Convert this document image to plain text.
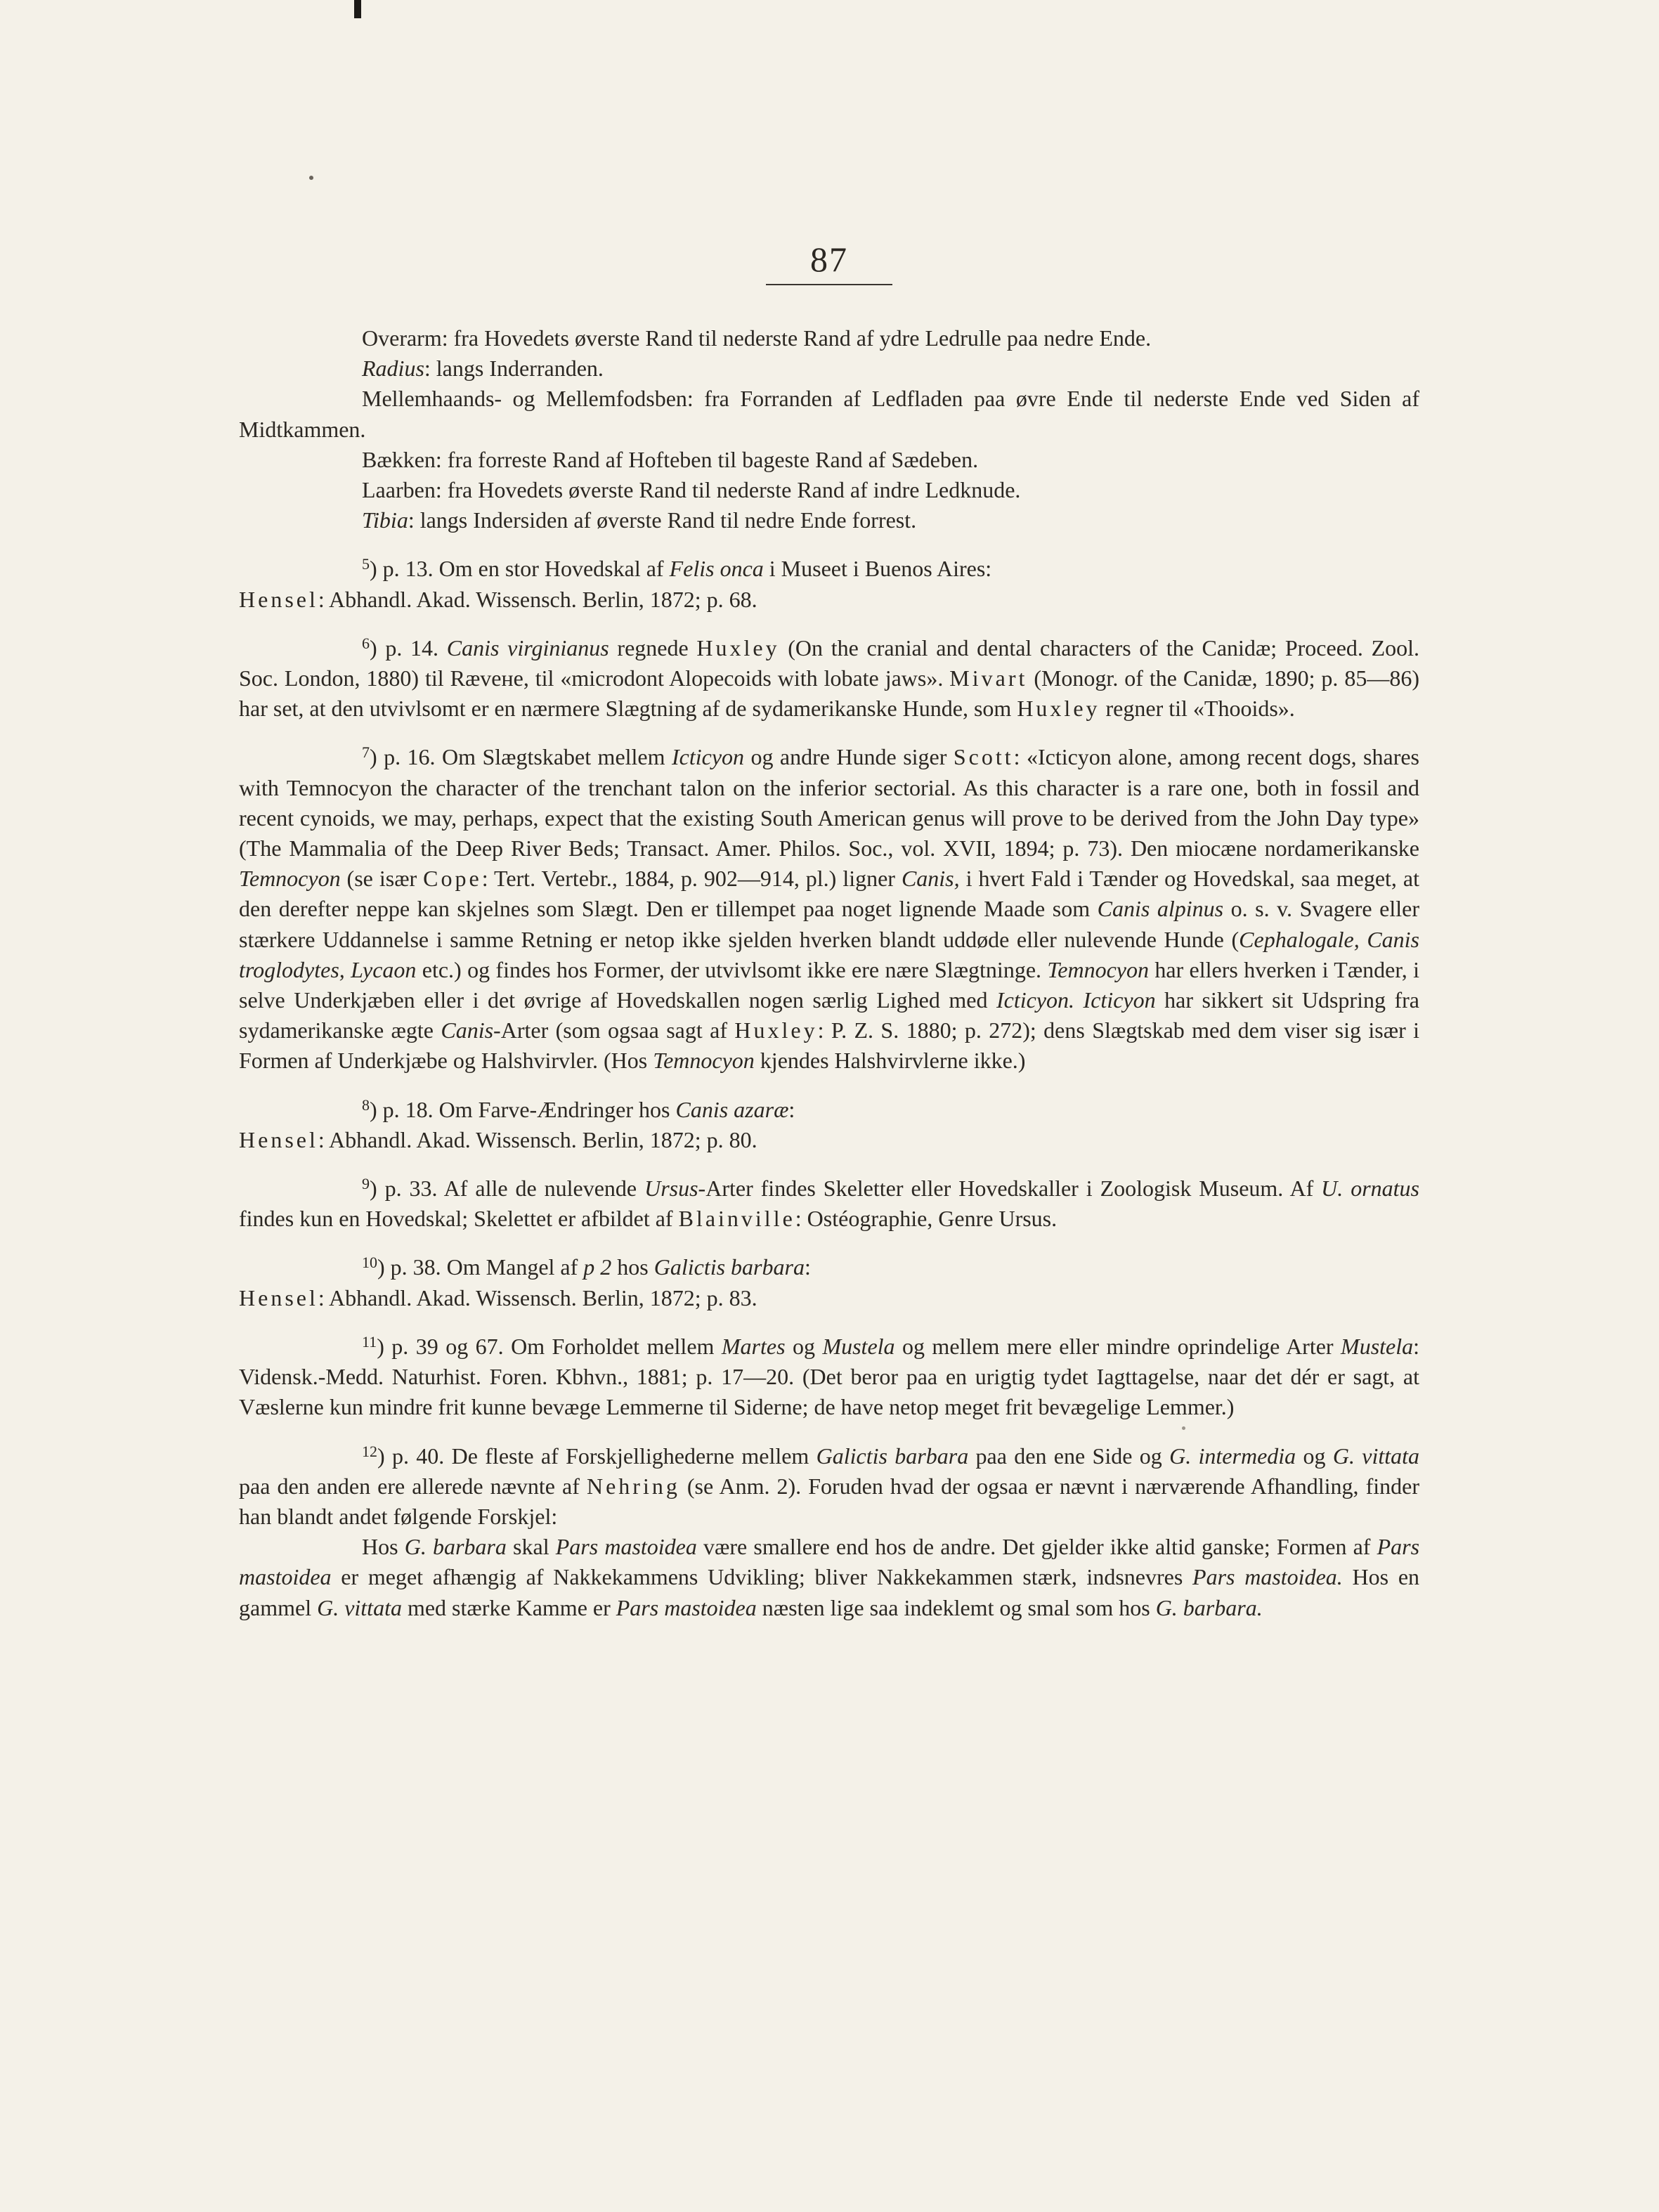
87

Overarm: fra Hovedets øverste Rand til nederste Rand af ydre Ledrulle paa nedre Ende.

Radius: langs Inderranden.

Mellemhaands- og Mellemfodsben: fra Forranden af Ledfladen paa øvre Ende til nederste Ende ved Siden af Midtkammen.

Bækken: fra forreste Rand af Hofteben til bageste Rand af Sædeben.

Laarben: fra Hovedets øverste Rand til nederste Rand af indre Ledknude.

Tibia: langs Indersiden af øverste Rand til nedre Ende forrest.

$^5$) p. 13. Om en stor Hovedskal af Felis onca i Museet i Buenos Aires:

Hensel: Abhandl. Akad. Wissensch. Berlin, 1872; p. 68.

$^6$) p. 14. Canis virginianus regnede Huxley (On the cranial and dental characters of the Canidæ; Proceed. Zool. Soc. London, 1880) til Ræveне, til «microdont Alopecoids with lobate jaws». Mivart (Monogr. of the Canidæ, 1890; p. 85—86) har set, at den utvivlsomt er en nærmere Slægtning af de sydamerikanske Hunde, som Huxley regner til «Thooids».

$^7$) p. 16. Om Slægtskabet mellem Icticyon og andre Hunde siger Scott: «Icticyon alone, among recent dogs, shares with Temnocyon the character of the trenchant talon on the inferior sectorial. As this character is a rare one, both in fossil and recent cynoids, we may, perhaps, expect that the existing South American genus will prove to be derived from the John Day type» (The Mammalia of the Deep River Beds; Transact. Amer. Philos. Soc., vol. XVII, 1894; p. 73). Den miocæne nordamerikanske Temnocyon (se især Cope: Tert. Vertebr., 1884, p. 902—914, pl.) ligner Canis, i hvert Fald i Tænder og Hovedskal, saa meget, at den derefter neppe kan skjelnes som Slægt. Den er tillempet paa noget lignende Maade som Canis alpinus o. s. v. Svagere eller stærkere Uddannelse i samme Retning er netop ikke sjelden hverken blandt uddøde eller nulevende Hunde (Cephalogale, Canis troglodytes, Lycaon etc.) og findes hos Former, der utvivlsomt ikke ere nære Slægtninge. Temnocyon har ellers hverken i Tænder, i selve Underkjæben eller i det øvrige af Hovedskallen nogen særlig Lighed med Icticyon. Icticyon har sikkert sit Udspring fra sydamerikanske ægte Canis-Arter (som ogsaa sagt af Huxley: P. Z. S. 1880; p. 272); dens Slægtskab med dem viser sig især i Formen af Underkjæbe og Halshvirvler. (Hos Temnocyon kjendes Halshvirvlerne ikke.)

$^8$) p. 18. Om Farve-Ændringer hos Canis azaræ:

Hensel: Abhandl. Akad. Wissensch. Berlin, 1872; p. 80.

$^9$) p. 33. Af alle de nulevende Ursus-Arter findes Skeletter eller Hovedskaller i Zoologisk Museum. Af U. ornatus findes kun en Hovedskal; Skelettet er afbildet af Blainville: Ostéographie, Genre Ursus.

$^{10}$) p. 38. Om Mangel af p 2 hos Galictis barbara:

Hensel: Abhandl. Akad. Wissensch. Berlin, 1872; p. 83.

$^{11}$) p. 39 og 67. Om Forholdet mellem Martes og Mustela og mellem mere eller mindre oprindelige Arter Mustela: Vidensk.-Medd. Naturhist. Foren. Kbhvn., 1881; p. 17—20. (Det beror paa en urigtig tydet Iagttagelse, naar det dér er sagt, at Væslerne kun mindre frit kunne bevæge Lemmerne til Siderne; de have netop meget frit bevægelige Lemmer.)

$^{12}$) p. 40. De fleste af Forskjellighederne mellem Galictis barbara paa den ene Side og G. intermedia og G. vittata paa den anden ere allerede nævnte af Nehring (se Anm. 2). Foruden hvad der ogsaa er nævnt i nærværende Afhandling, finder han blandt andet følgende Forskjel:

Hos G. barbara skal Pars mastoidea være smallere end hos de andre. Det gjelder ikke altid ganske; Formen af Pars mastoidea er meget afhængig af Nakkekammens Udvikling; bliver Nakkekammen stærk, indsnevres Pars mastoidea. Hos en gammel G. vittata med stærke Kamme er Pars mastoidea næsten lige saa indeklemt og smal som hos G. barbara.
